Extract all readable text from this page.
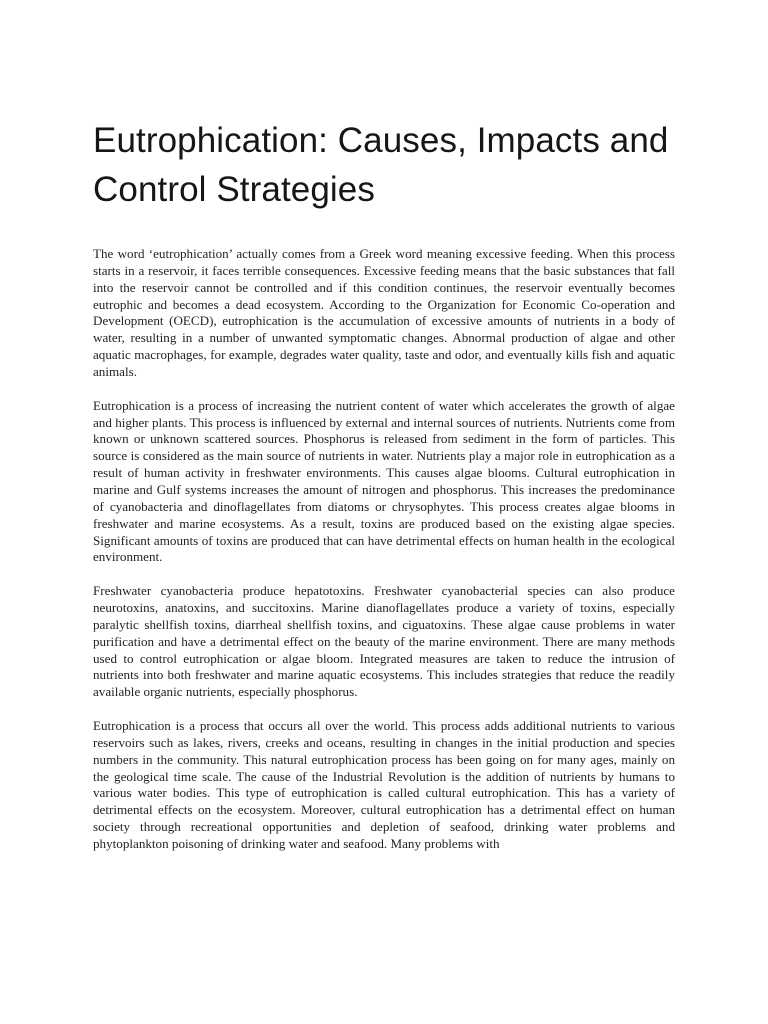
Eutrophication: Causes, Impacts and Control Strategies

The word ‘eutrophication’ actually comes from a Greek word meaning excessive feeding. When this process starts in a reservoir, it faces terrible consequences. Excessive feeding means that the basic substances that fall into the reservoir cannot be controlled and if this condition continues, the reservoir eventually becomes eutrophic and becomes a dead ecosystem. According to the Organization for Economic Co-operation and Development (OECD), eutrophication is the accumulation of excessive amounts of nutrients in a body of water, resulting in a number of unwanted symptomatic changes. Abnormal production of algae and other aquatic macrophages, for example, degrades water quality, taste and odor, and eventually kills fish and aquatic animals.

Eutrophication is a process of increasing the nutrient content of water which accelerates the growth of algae and higher plants. This process is influenced by external and internal sources of nutrients. Nutrients come from known or unknown scattered sources. Phosphorus is released from sediment in the form of particles. This source is considered as the main source of nutrients in water. Nutrients play a major role in eutrophication as a result of human activity in freshwater environments. This causes algae blooms. Cultural eutrophication in marine and Gulf systems increases the amount of nitrogen and phosphorus. This increases the predominance of cyanobacteria and dinoflagellates from diatoms or chrysophytes. This process creates algae blooms in freshwater and marine ecosystems. As a result, toxins are produced based on the existing algae species. Significant amounts of toxins are produced that can have detrimental effects on human health in the ecological environment.

Freshwater cyanobacteria produce hepatotoxins. Freshwater cyanobacterial species can also produce neurotoxins, anatoxins, and succitoxins. Marine dianoflagellates produce a variety of toxins, especially paralytic shellfish toxins, diarrheal shellfish toxins, and ciguatoxins. These algae cause problems in water purification and have a detrimental effect on the beauty of the marine environment. There are many methods used to control eutrophication or algae bloom. Integrated measures are taken to reduce the intrusion of nutrients into both freshwater and marine aquatic ecosystems. This includes strategies that reduce the readily available organic nutrients, especially phosphorus.

Eutrophication is a process that occurs all over the world. This process adds additional nutrients to various reservoirs such as lakes, rivers, creeks and oceans, resulting in changes in the initial production and species numbers in the community. This natural eutrophication process has been going on for many ages, mainly on the geological time scale. The cause of the Industrial Revolution is the addition of nutrients by humans to various water bodies. This type of eutrophication is called cultural eutrophication. This has a variety of detrimental effects on the ecosystem. Moreover, cultural eutrophication has a detrimental effect on human society through recreational opportunities and depletion of seafood, drinking water problems and phytoplankton poisoning of drinking water and seafood. Many problems with
